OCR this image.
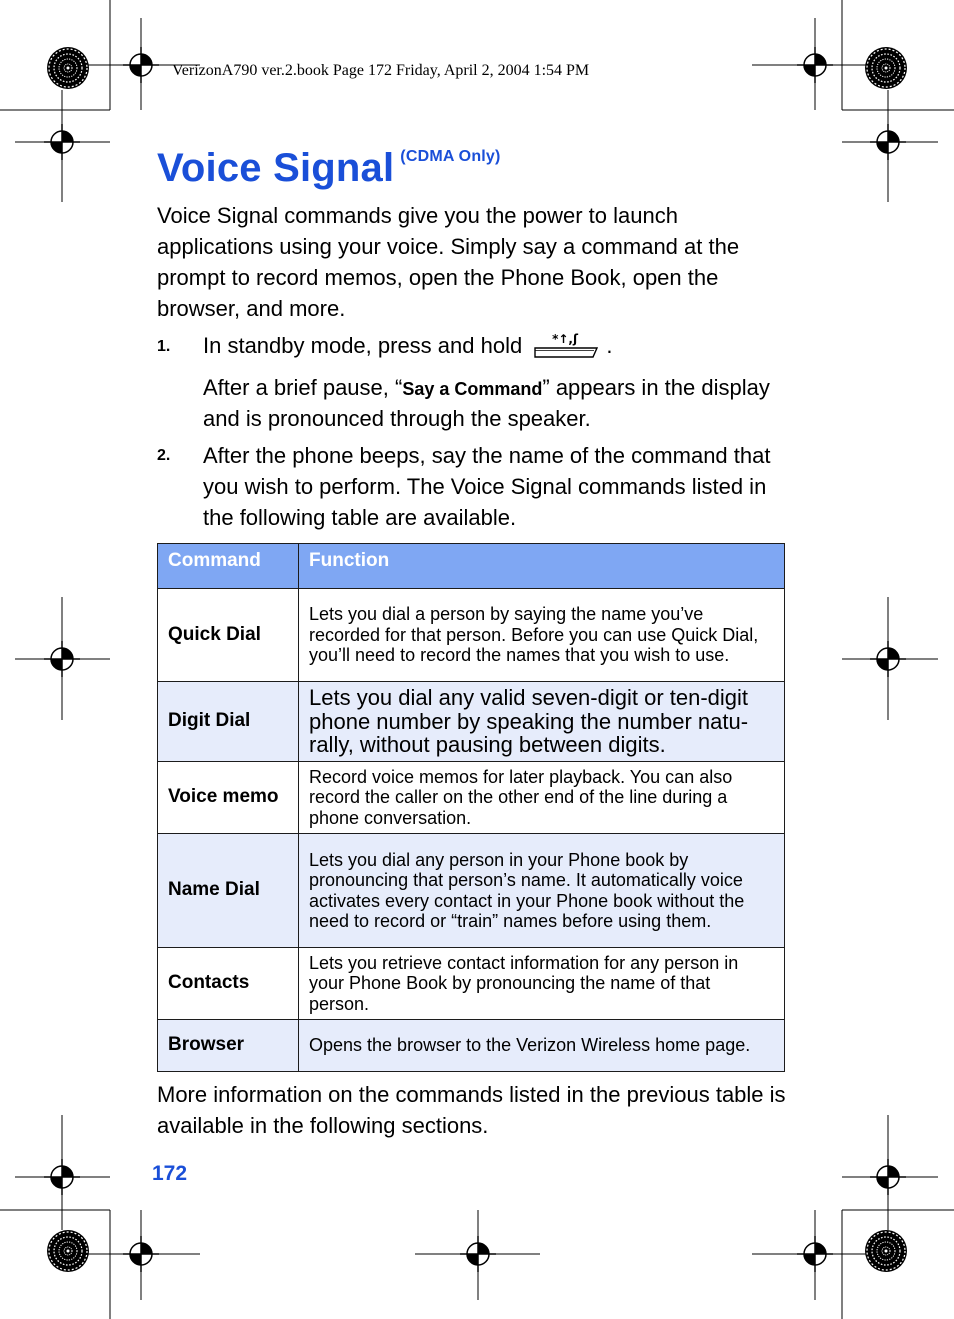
VerizonA790 ver.2.book Page 172 Friday, April 2, 2004 1:54 PM
Voice Signal $^{(CDMA Only)}$

Voice Signal commands give you the power to launch applications using your voice. Simply say a command at the prompt to record memos, open the Phone Book, open the browser, and more.

1. In standby mode, press and hold	*↑,ʃ .
After a brief pause, “Say a Command” appears in the display and is pronounced through the speaker.
2. After the phone beeps, say the name of the command that you wish to perform. The Voice Signal commands listed in the following table are available.
Command	Function
Quick Dial	Lets you dial a person by saying the name you’ve recorded for that person. Before you can use Quick Dial, you’ll need to record the names that you wish to use.
Digit Dial	Lets you dial any valid seven-digit or ten-digit phone number by speaking the number natu-rally, without pausing between digits.
Voice memo	Record voice memos for later playback. You can also record the caller on the other end of the line during a phone conversation.
Name Dial	Lets you dial any person in your Phone book by pronouncing that person’s name. It automatically voice activates every contact in your Phone book without the need to record or “train” names before using them.
Contacts	Lets you retrieve contact information for any person in your Phone Book by pronouncing the name of that person.
Browser	Opens the browser to the Verizon Wireless home page.

More information on the commands listed in the previous table is available in the following sections.

172
